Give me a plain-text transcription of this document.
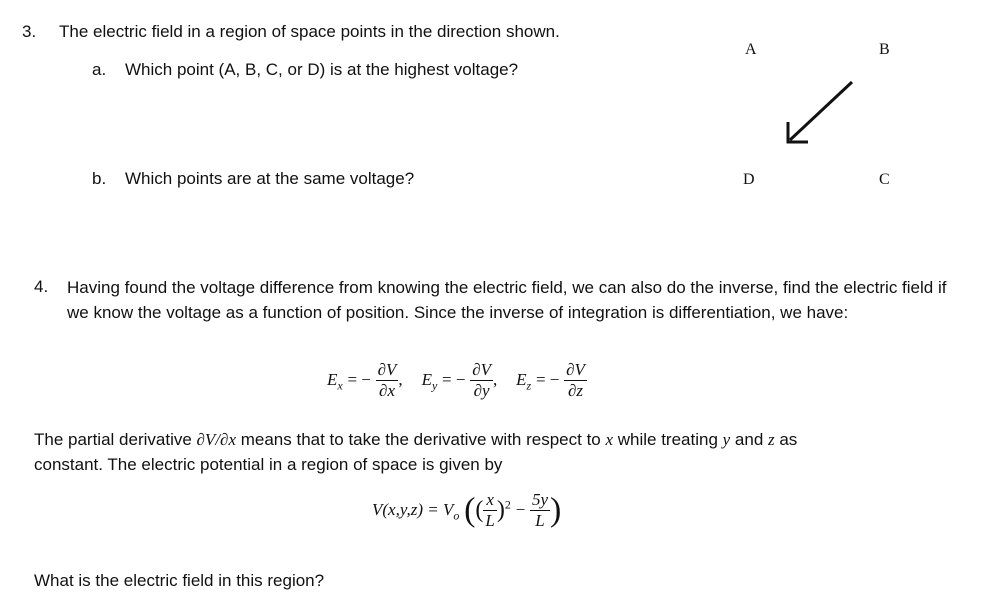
3. The electric field in a region of space points in the direction shown.
a. Which point (A, B, C, or D) is at the highest voltage?
b. Which points are at the same voltage?
A	B
C
D
4. Having found the voltage difference from knowing the electric field, we can also do the inverse, find the electric field if we know the voltage as a function of position. Since the inverse of integration is differentiation, we have:
$E_x$ = − $\frac{\partial V}{\partial x}$ , $E_y$ = − $\frac{\partial V}{\partial y}$ , $E_z$ = − $\frac{\partial V}{\partial z}$
The partial derivative ∂V/∂x means that to take the derivative with respect to x while treating y and z as
constant. The electric potential in a region of space is given by
$V(x,y,z) = V_o$ (( $\frac{x}{L} )^2 - \frac{5y}{L}$ )
What is the electric field in this region?
